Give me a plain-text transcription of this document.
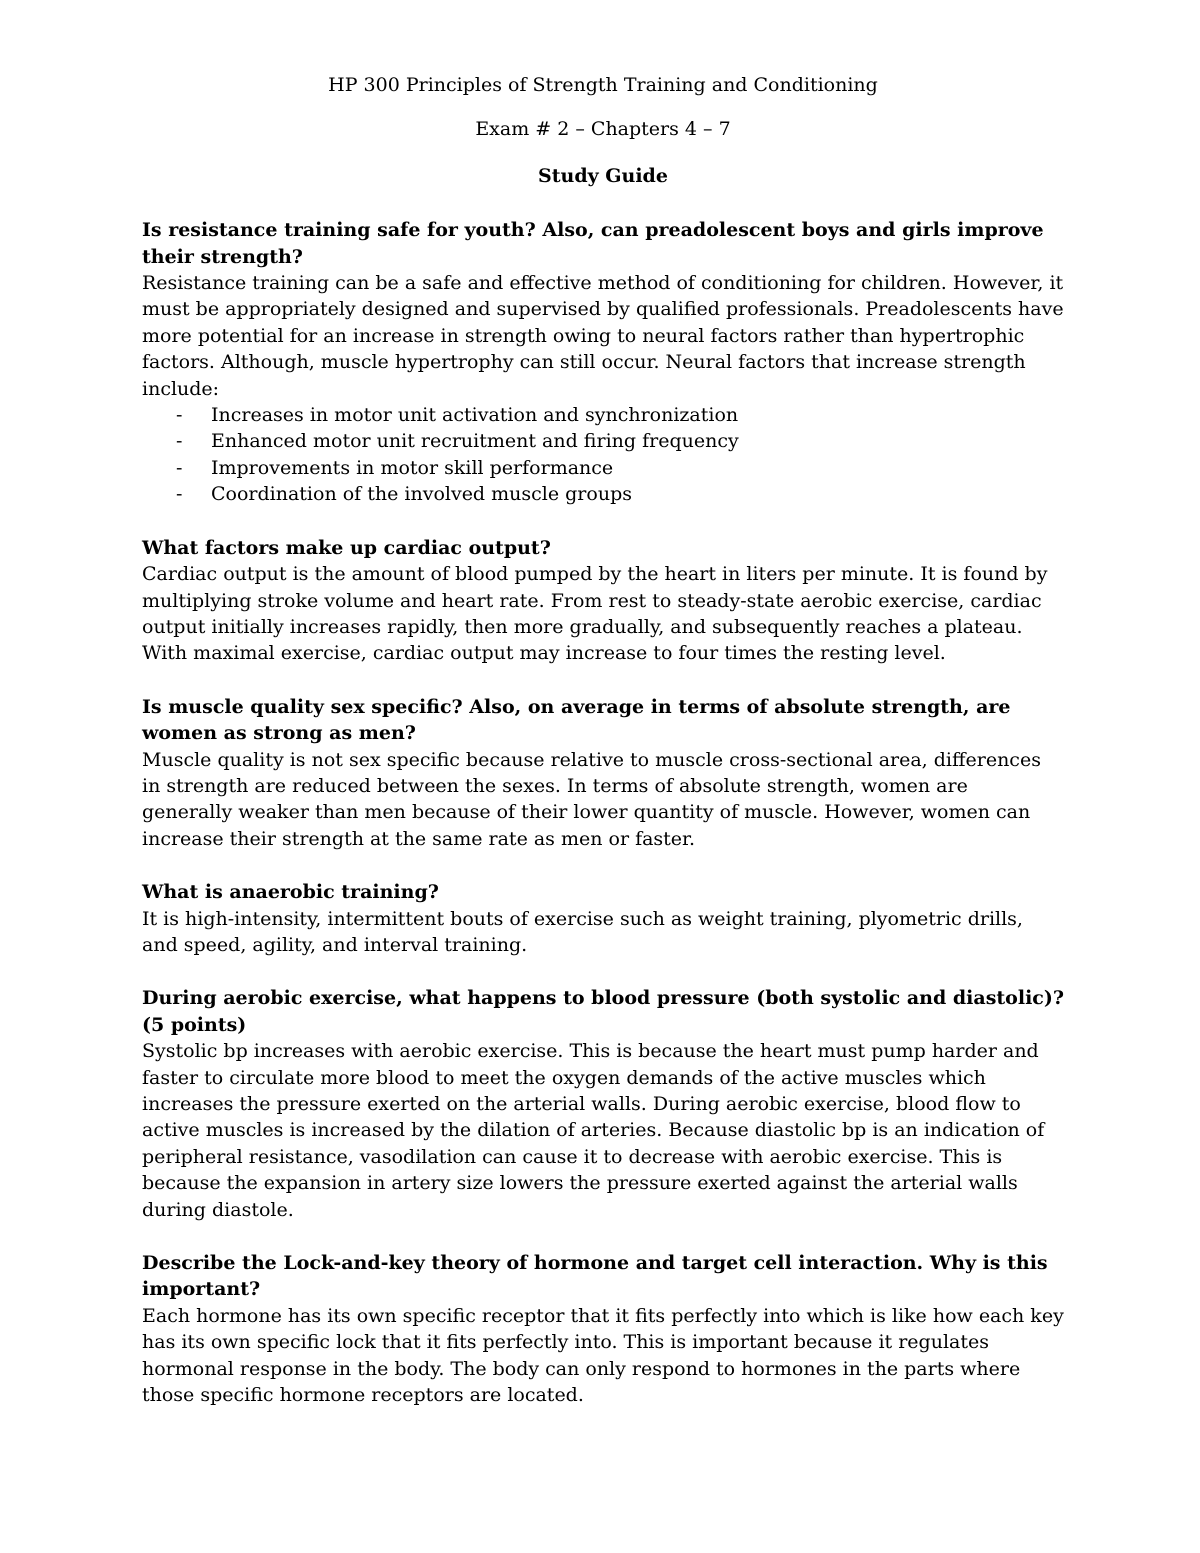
HP 300 Principles of Strength Training and Conditioning

Exam # 2 – Chapters 4 – 7

Study Guide

Is resistance training safe for youth? Also, can preadolescent boys and girls improve their strength?

Resistance training can be a safe and effective method of conditioning for children. However, it must be appropriately designed and supervised by qualified professionals. Preadolescents have more potential for an increase in strength owing to neural factors rather than hypertrophic factors. Although, muscle hypertrophy can still occur. Neural factors that increase strength include:

- Increases in motor unit activation and synchronization
- Enhanced motor unit recruitment and firing frequency
- Improvements in motor skill performance
- Coordination of the involved muscle groups

What factors make up cardiac output?

Cardiac output is the amount of blood pumped by the heart in liters per minute. It is found by multiplying stroke volume and heart rate. From rest to steady-state aerobic exercise, cardiac output initially increases rapidly, then more gradually, and subsequently reaches a plateau. With maximal exercise, cardiac output may increase to four times the resting level.

Is muscle quality sex specific? Also, on average in terms of absolute strength, are women as strong as men?

Muscle quality is not sex specific because relative to muscle cross-sectional area, differences in strength are reduced between the sexes. In terms of absolute strength, women are generally weaker than men because of their lower quantity of muscle. However, women can increase their strength at the same rate as men or faster.

What is anaerobic training?

It is high-intensity, intermittent bouts of exercise such as weight training, plyometric drills, and speed, agility, and interval training.

During aerobic exercise, what happens to blood pressure (both systolic and diastolic)? (5 points)

Systolic bp increases with aerobic exercise. This is because the heart must pump harder and faster to circulate more blood to meet the oxygen demands of the active muscles which increases the pressure exerted on the arterial walls. During aerobic exercise, blood flow to active muscles is increased by the dilation of arteries. Because diastolic bp is an indication of peripheral resistance, vasodilation can cause it to decrease with aerobic exercise. This is because the expansion in artery size lowers the pressure exerted against the arterial walls during diastole.

Describe the Lock-and-key theory of hormone and target cell interaction. Why is this important?

Each hormone has its own specific receptor that it fits perfectly into which is like how each key has its own specific lock that it fits perfectly into. This is important because it regulates hormonal response in the body. The body can only respond to hormones in the parts where those specific hormone receptors are located.
